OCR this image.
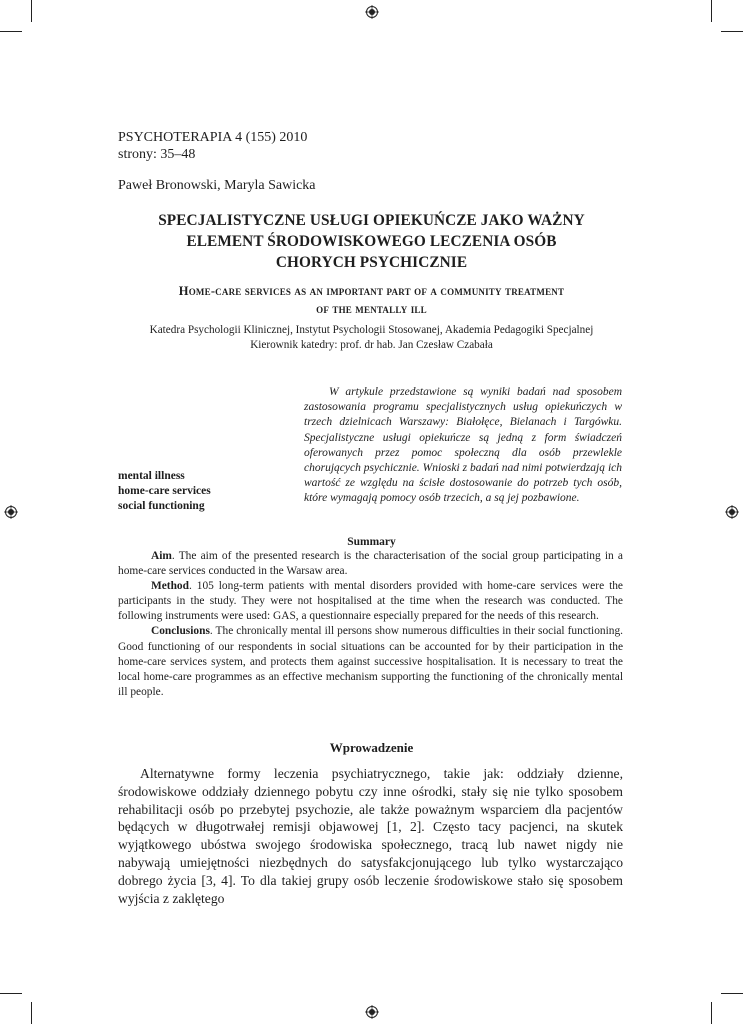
PSYCHOTERAPIA 4 (155) 2010
strony: 35–48
Paweł Bronowski, Maryla Sawicka
SPECJALISTYCZNE USŁUGI OPIEKUŃCZE JAKO WAŻNY
ELEMENT ŚRODOWISKOWEGO LECZENIA OSÓB
CHORYCH PSYCHICZNIE
Home-care services as an important part of a community treatment
of the mentally ill
Katedra Psychologii Klinicznej, Instytut Psychologii Stosowanej, Akademia Pedagogiki Specjalnej
Kierownik katedry: prof. dr hab. Jan Czesław Czabała
W artykule przedstawione są wyniki badań nad sposobem zastosowania programu specjalistycznych usług opiekuńczych w trzech dzielnicach Warszawy: Białołęce, Bielanach i Targówku. Specjalistyczne usługi opiekuńcze są jedną z form świadczeń oferowanych przez pomoc społeczną dla osób przewlekle chorujących psychicznie. Wnioski z badań nad nimi potwierdzają ich wartość ze względu na ścisłe dostosowanie do potrzeb tych osób, które wymagają pomocy osób trzecich, a są jej pozbawione.
mental illness
home-care services
social functioning
Summary

Aim. The aim of the presented research is the characterisation of the social group participating in a home-care services conducted in the Warsaw area.

Method. 105 long-term patients with mental disorders provided with home-care services were the participants in the study. They were not hospitalised at the time when the research was conducted. The following instruments were used: GAS, a questionnaire especially prepared for the needs of this research.

Conclusions. The chronically mental ill persons show numerous difficulties in their social functioning. Good functioning of our respondents in social situations can be accounted for by their participation in the home-care services system, and protects them against successive hospitalisation. It is necessary to treat the local home-care programmes as an effective mechanism supporting the functioning of the chronically mental ill people.

Wprowadzenie

Alternatywne formy leczenia psychiatrycznego, takie jak: oddziały dzienne, środowiskowe oddziały dziennego pobytu czy inne ośrodki, stały się nie tylko sposobem rehabilitacji osób po przebytej psychozie, ale także poważnym wsparciem dla pacjentów będących w długotrwałej remisji objawowej [1, 2]. Często tacy pacjenci, na skutek wyjątkowego ubóstwa swojego środowiska społecznego, tracą lub nawet nigdy nie nabywają umiejętności niezbędnych do satysfakcjonującego lub tylko wystarczająco dobrego życia [3, 4]. To dla takiej grupy osób leczenie środowiskowe stało się sposobem wyjścia z zaklętego
